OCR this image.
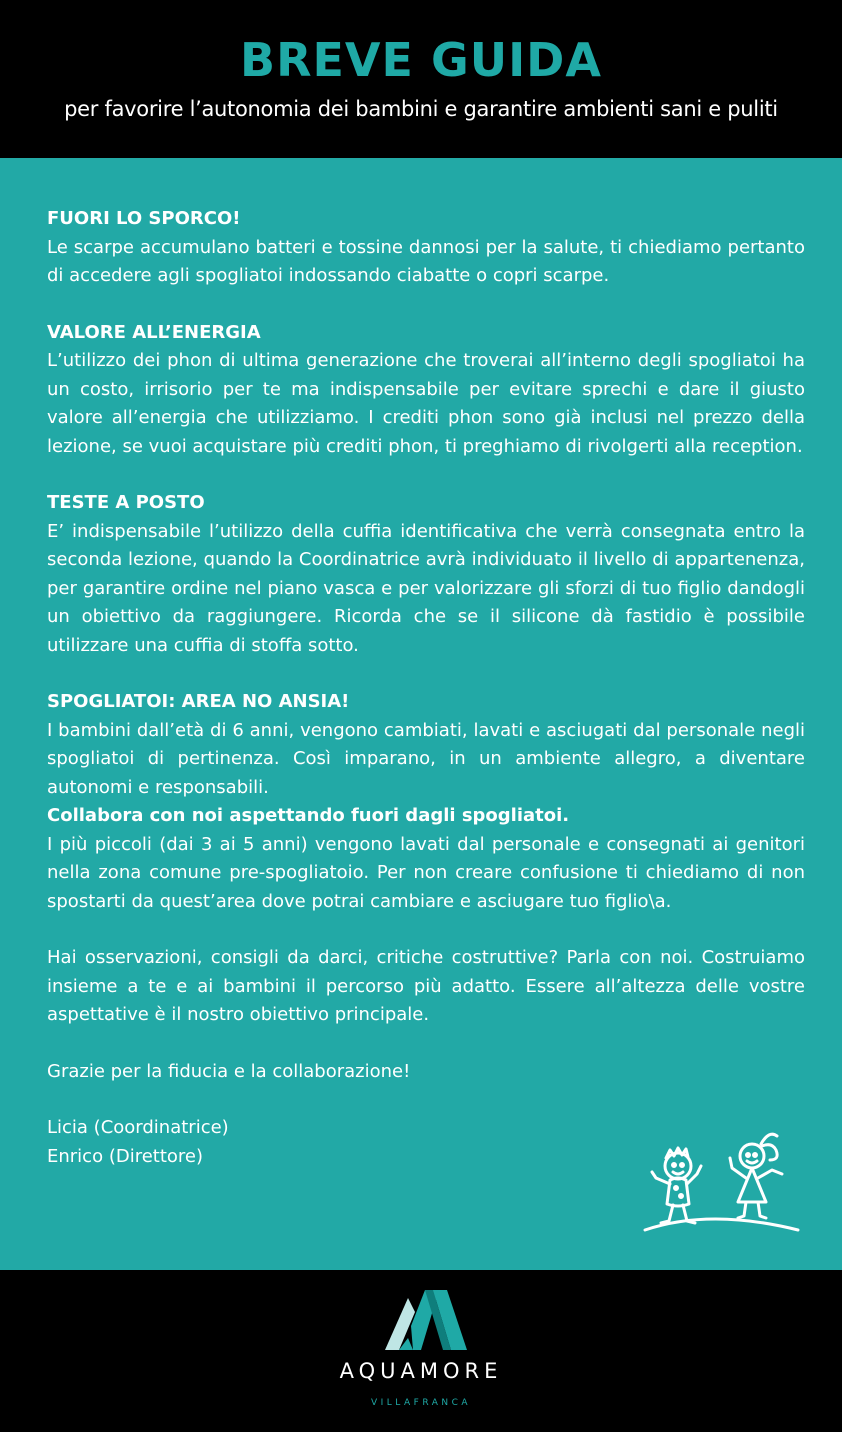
BREVE GUIDA
per favorire l’autonomia dei bambini e garantire ambienti sani e puliti

FUORI LO SPORCO!

Le scarpe accumulano batteri e tossine dannosi per la salute, ti chiediamo pertanto di accedere agli spogliatoi indossando ciabatte o copri scarpe.

VALORE ALL’ENERGIA

L’utilizzo dei phon di ultima generazione che troverai all’interno degli spogliatoi ha un costo, irrisorio per te ma indispensabile per evitare sprechi e dare il giusto valore all’energia che utilizziamo. I crediti phon sono già inclusi nel prezzo della lezione, se vuoi acquistare più crediti phon, ti preghiamo di rivolgerti alla reception.

TESTE A POSTO

E’ indispensabile l’utilizzo della cuffia identificativa che verrà consegnata entro la seconda lezione, quando la Coordinatrice avrà individuato il livello di appartenenza, per garantire ordine nel piano vasca e per valorizzare gli sforzi di tuo figlio dandogli un obiettivo da raggiungere. Ricorda che se il silicone dà fastidio è possibile utilizzare una cuffia di stoffa sotto.

SPOGLIATOI: AREA NO ANSIA!

I bambini dall’età di 6 anni, vengono cambiati, lavati e asciugati dal personale negli spogliatoi di pertinenza. Così imparano, in un ambiente allegro, a diventare autonomi e responsabili.

Collabora con noi aspettando fuori dagli spogliatoi.

I più piccoli (dai 3 ai 5 anni) vengono lavati dal personale e consegnati ai genitori nella zona comune pre-spogliatoio. Per non creare confusione ti chiediamo di non spostarti da quest’area dove potrai cambiare e asciugare tuo figlio\a.

Hai osservazioni, consigli da darci, critiche costruttive? Parla con noi. Costruiamo insieme a te e ai bambini il percorso più adatto. Essere all’altezza delle vostre aspettative è il nostro obiettivo principale.

Grazie per la fiducia e la collaborazione!

Licia (Coordinatrice)

Enrico (Direttore)

AQUAMORE
VILLAFRANCA
